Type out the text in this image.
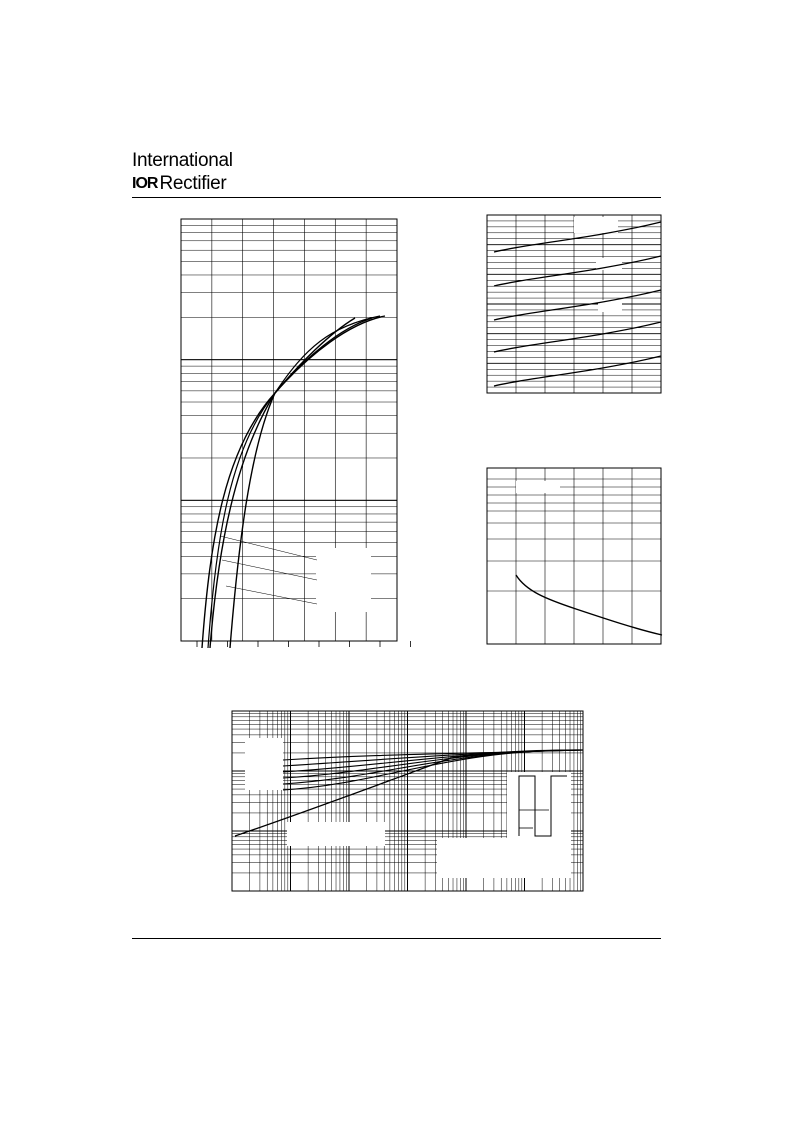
International
IOR Rectifier
